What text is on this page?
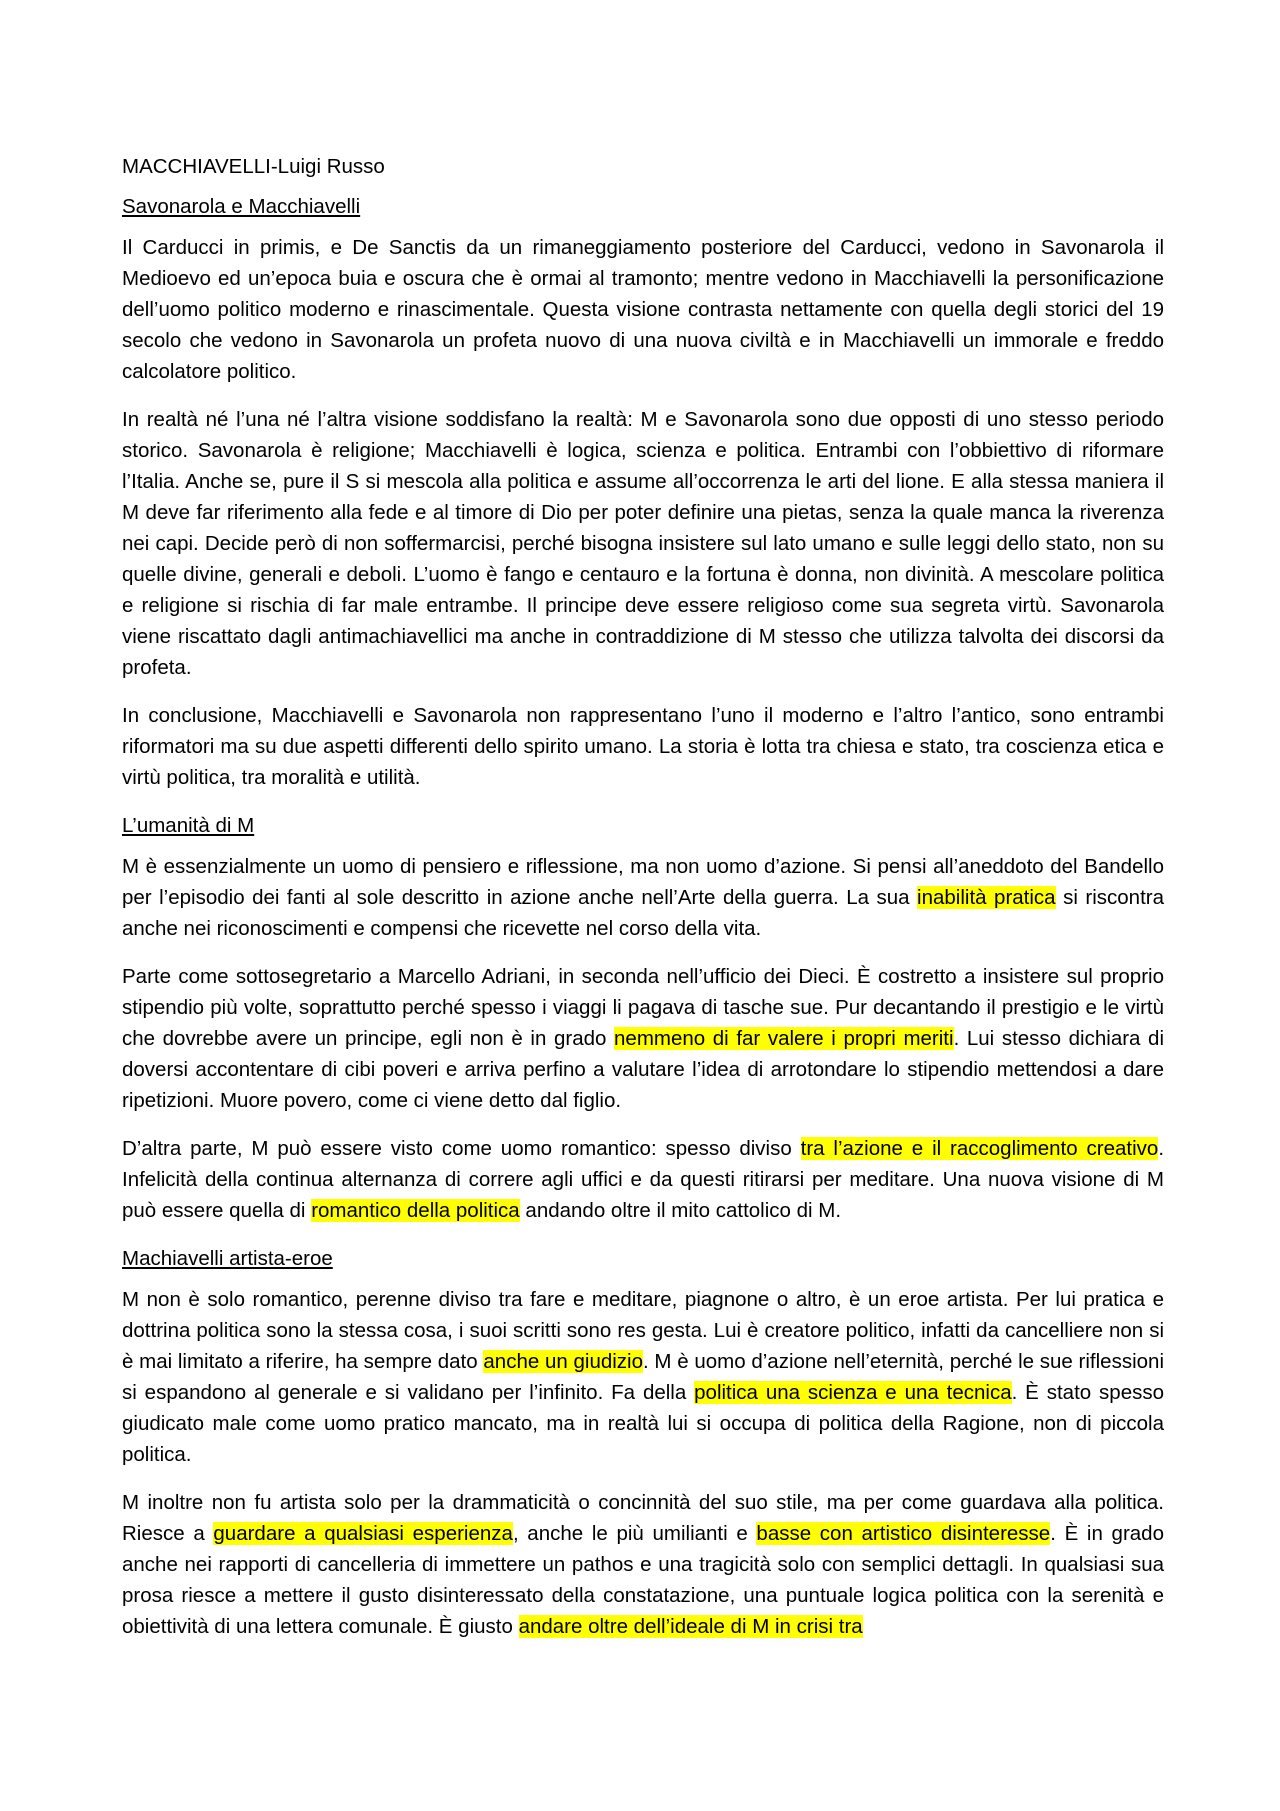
MACCHIAVELLI-Luigi Russo
Savonarola e Macchiavelli

Il Carducci in primis, e De Sanctis da un rimaneggiamento posteriore del Carducci, vedono in Savonarola il Medioevo ed un’epoca buia e oscura che è ormai al tramonto; mentre vedono in Macchiavelli la personificazione dell’uomo politico moderno e rinascimentale. Questa visione contrasta nettamente con quella degli storici del 19 secolo che vedono in Savonarola un profeta nuovo di una nuova civiltà e in Macchiavelli un immorale e freddo calcolatore politico.

In realtà né l’una né l’altra visione soddisfano la realtà: M e Savonarola sono due opposti di uno stesso periodo storico. Savonarola è religione; Macchiavelli è logica, scienza e politica. Entrambi con l’obbiettivo di riformare l’Italia. Anche se, pure il S si mescola alla politica e assume all’occorrenza le arti del lione. E alla stessa maniera il M deve far riferimento alla fede e al timore di Dio per poter definire una pietas, senza la quale manca la riverenza nei capi. Decide però di non soffermarcisi, perché bisogna insistere sul lato umano e sulle leggi dello stato, non su quelle divine, generali e deboli. L’uomo è fango e centauro e la fortuna è donna, non divinità. A mescolare politica e religione si rischia di far male entrambe. Il principe deve essere religioso come sua segreta virtù. Savonarola viene riscattato dagli antimachiavellici ma anche in contraddizione di M stesso che utilizza talvolta dei discorsi da profeta.

In conclusione, Macchiavelli e Savonarola non rappresentano l’uno il moderno e l’altro l’antico, sono entrambi riformatori ma su due aspetti differenti dello spirito umano. La storia è lotta tra chiesa e stato, tra coscienza etica e virtù politica, tra moralità e utilità.

L’umanità di M

M è essenzialmente un uomo di pensiero e riflessione, ma non uomo d’azione. Si pensi all’aneddoto del Bandello per l’episodio dei fanti al sole descritto in azione anche nell’Arte della guerra. La sua inabilità pratica si riscontra anche nei riconoscimenti e compensi che ricevette nel corso della vita.

Parte come sottosegretario a Marcello Adriani, in seconda nell’ufficio dei Dieci. È costretto a insistere sul proprio stipendio più volte, soprattutto perché spesso i viaggi li pagava di tasche sue. Pur decantando il prestigio e le virtù che dovrebbe avere un principe, egli non è in grado nemmeno di far valere i propri meriti. Lui stesso dichiara di doversi accontentare di cibi poveri e arriva perfino a valutare l’idea di arrotondare lo stipendio mettendosi a dare ripetizioni. Muore povero, come ci viene detto dal figlio.

D’altra parte, M può essere visto come uomo romantico: spesso diviso tra l’azione e il raccoglimento creativo. Infelicità della continua alternanza di correre agli uffici e da questi ritirarsi per meditare. Una nuova visione di M può essere quella di romantico della politica andando oltre il mito cattolico di M.

Machiavelli artista-eroe

M non è solo romantico, perenne diviso tra fare e meditare, piagnone o altro, è un eroe artista. Per lui pratica e dottrina politica sono la stessa cosa, i suoi scritti sono res gesta. Lui è creatore politico, infatti da cancelliere non si è mai limitato a riferire, ha sempre dato anche un giudizio. M è uomo d’azione nell’eternità, perché le sue riflessioni si espandono al generale e si validano per l’infinito. Fa della politica una scienza e una tecnica. È stato spesso giudicato male come uomo pratico mancato, ma in realtà lui si occupa di politica della Ragione, non di piccola politica.

M inoltre non fu artista solo per la drammaticità o concinnità del suo stile, ma per come guardava alla politica. Riesce a guardare a qualsiasi esperienza, anche le più umilianti e basse con artistico disinteresse. È in grado anche nei rapporti di cancelleria di immettere un pathos e una tragicità solo con semplici dettagli. In qualsiasi sua prosa riesce a mettere il gusto disinteressato della constatazione, una puntuale logica politica con la serenità e obiettività di una lettera comunale. È giusto andare oltre dell’ideale di M in crisi tra
